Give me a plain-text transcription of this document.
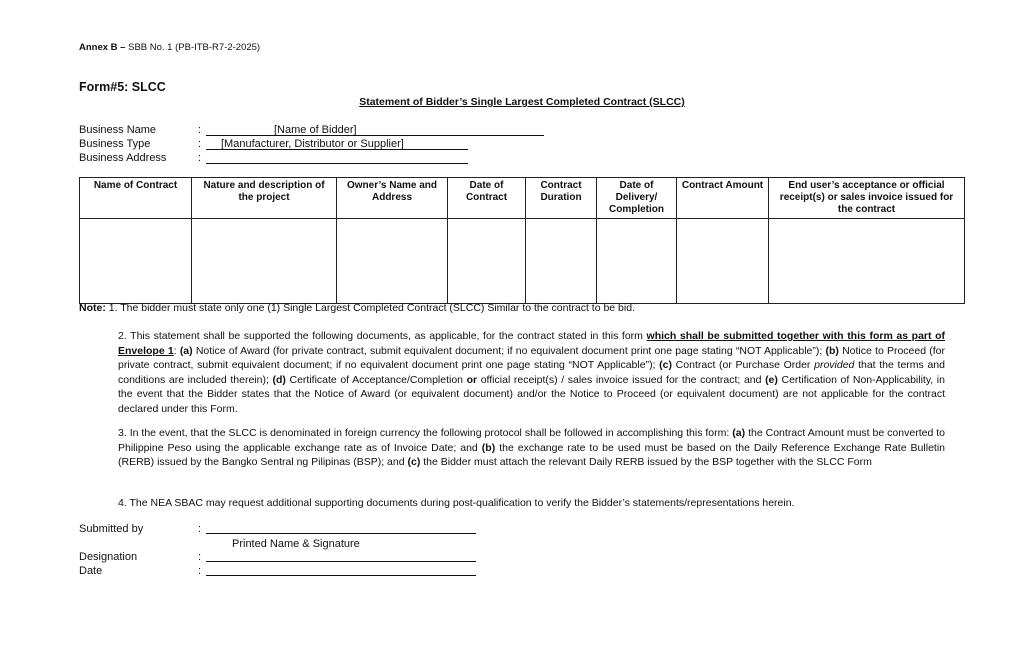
Annex B – SBB No. 1 (PB-ITB-R7-2-2025)
Form#5: SLCC
Statement of Bidder’s Single Largest Completed Contract (SLCC)
Business Name	:	[Name of Bidder]
Business Type	: [Manufacturer, Distributor or Supplier]
Business Address	:
Name of Contract	Nature and description of the project	Owner’s Name and Address	Date of Contract	Contract Duration	Date of Delivery/ Completion	Contract Amount	End user’s acceptance or official receipt(s) or sales invoice issued for the contract

Note: 1. The bidder must state only one (1) Single Largest Completed Contract (SLCC) Similar to the contract to be bid.
2. This statement shall be supported the following documents, as applicable, for the contract stated in this form which shall be submitted together with this form as part of Envelope 1: (a) Notice of Award (for private contract, submit equivalent document; if no equivalent document print one page stating “NOT Applicable”); (b) Notice to Proceed (for private contract, submit equivalent document; if no equivalent document print one page stating “NOT Applicable”); (c) Contract (or Purchase Order provided that the terms and conditions are included therein); (d) Certificate of Acceptance/Completion or official receipt(s) / sales invoice issued for the contract; and (e) Certification of Non-Applicability, in the event that the Bidder states that the Notice of Award (or equivalent document) and/or the Notice to Proceed (or equivalent document) are not applicable for the contract declared under this Form.
3. In the event, that the SLCC is denominated in foreign currency the following protocol shall be followed in accomplishing this form: (a) the Contract Amount must be converted to Philippine Peso using the applicable exchange rate as of Invoice Date; and (b) the exchange rate to be used must be based on the Daily Reference Exchange Rate Bulletin (RERB) issued by the Bangko Sentral ng Pilipinas (BSP); and (c) the Bidder must attach the relevant Daily RERB issued by the BSP together with the SLCC Form
4. The NEA SBAC may request additional supporting documents during post-qualification to verify the Bidder’s statements/representations herein.
Submitted by	:
Printed Name & Signature
Designation	:
Date	:
